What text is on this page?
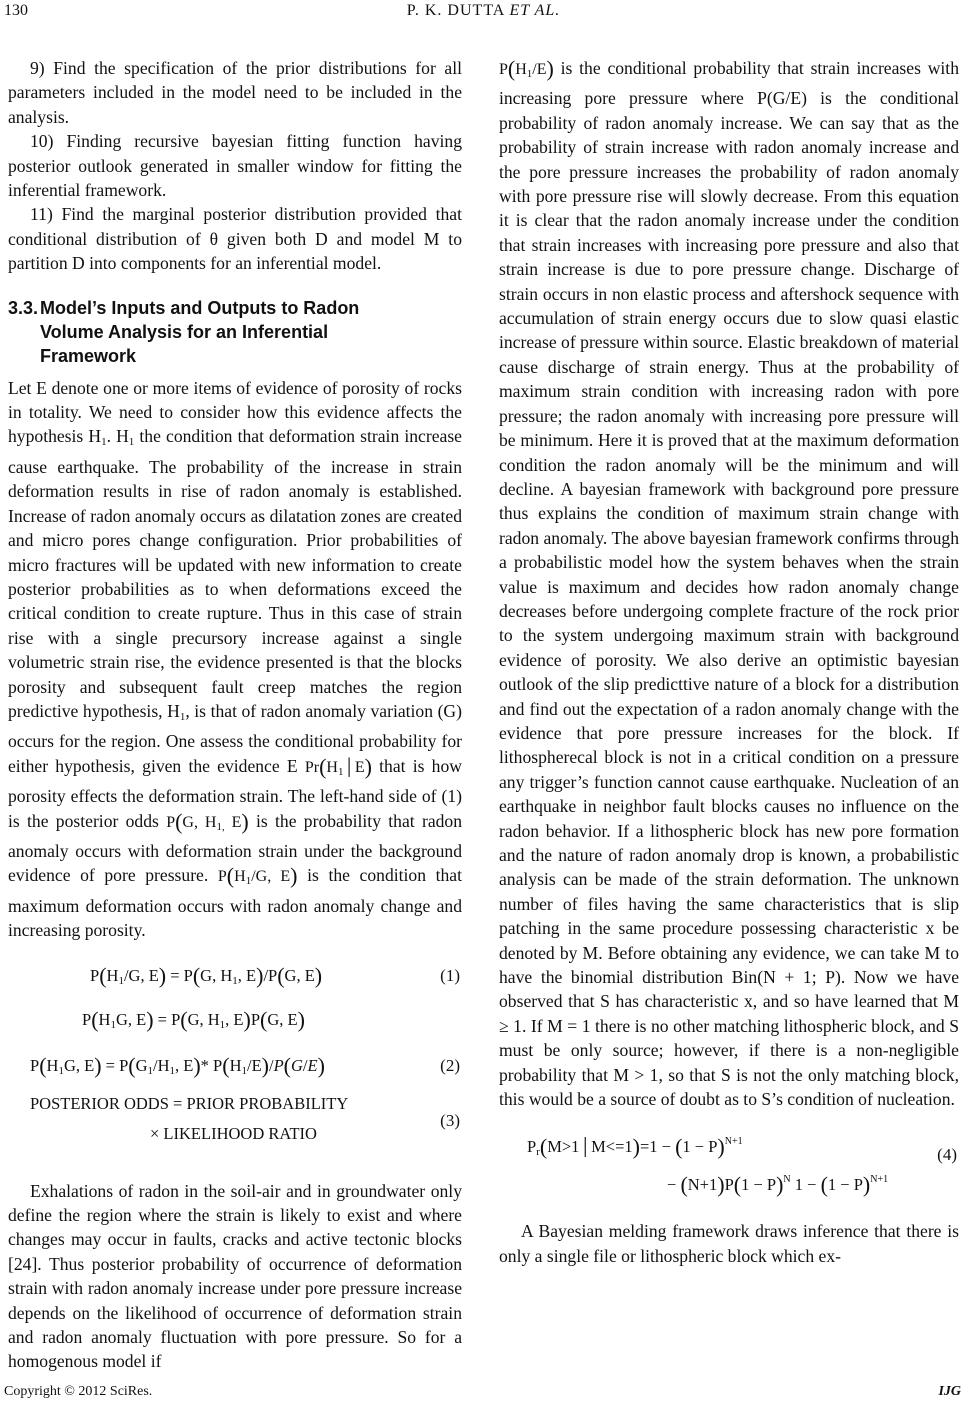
130	P. K. DUTTA ET AL.

9) Find the specification of the prior distributions for all parameters included in the model need to be included in the analysis.

10) Finding recursive bayesian fitting function having posterior outlook generated in smaller window for fitting the inferential framework.

11) Find the marginal posterior distribution provided that conditional distribution of θ given both D and model M to partition D into components for an inferential model.

3.3. Model’s Inputs and Outputs to Radon
Volume Analysis for an Inferential
Framework

Let E denote one or more items of evidence of porosity of rocks in totality. We need to consider how this evidence affects the hypothesis $H_1$. $H_1$ the condition that deformation strain increase cause earthquake. The probability of the increase in strain deformation results in rise of radon anomaly is established. Increase of radon anomaly occurs as dilatation zones are created and micro pores change configuration. Prior probabilities of micro fractures will be updated with new information to create posterior probabilities as to when deformations exceed the critical condition to create rupture. Thus in this case of strain rise with a single precursory increase against a single volumetric strain rise, the evidence presented is that the blocks porosity and subsequent fault creep matches the region predictive hypothesis, $H_1$, is that of radon anomaly variation (G) occurs for the region. One assess the conditional probability for either hypothesis, given the evidence E $Pr(H_1│E)$ that is how porosity effects the deformation strain. The left-hand side of (1) is the posterior odds P(G, $H_{1,}$ E) is the probability that radon anomaly occurs with deformation strain under the background evidence of pore pressure. $P(H_1/G$, E) is the condition that maximum deformation occurs with radon anomaly change and increasing porosity.

$P(H_1/G$, E) = P(G, $H_1$, E)/P(G, E)	(1)
$P(H_1G$, E) = P(G, $H_1$, E)P(G, E)
$P(H_1G$, $E) = P(G_1/H_1$, E)* $P(H_1/E)/P(G/E)$	(2)
POSTERIOR ODDS = PRIOR PROBABILITY
× LIKELIHOOD RATIO
(3)

Exhalations of radon in the soil-air and in groundwater only define the region where the strain is likely to exist and where changes may occur in faults, cracks and active tectonic blocks [24]. Thus posterior probability of occurrence of deformation strain with radon anomaly increase under pore pressure increase depends on the likelihood of occurrence of deformation strain and radon anomaly fluctuation with pore pressure. So for a homogenous model if

$P(H_1/E)$ is the conditional probability that strain increases with increasing pore pressure where P(G/E) is the conditional probability of radon anomaly increase. We can say that as the probability of strain increase with radon anomaly increase and the pore pressure increases the probability of radon anomaly with pore pressure rise will slowly decrease. From this equation it is clear that the radon anomaly increase under the condition that strain increases with increasing pore pressure and also that strain increase is due to pore pressure change. Discharge of strain occurs in non elastic process and aftershock sequence with accumulation of strain energy occurs due to slow quasi elastic increase of pressure within source. Elastic breakdown of material cause discharge of strain energy. Thus at the probability of maximum strain condition with increasing radon with pore pressure; the radon anomaly with increasing pore pressure will be minimum. Here it is proved that at the maximum deformation condition the radon anomaly will be the minimum and will decline. A bayesian framework with background pore pressure thus explains the condition of maximum strain change with radon anomaly. The above bayesian framework confirms through a probabilistic model how the system behaves when the strain value is maximum and decides how radon anomaly change decreases before undergoing complete fracture of the rock prior to the system undergoing maximum strain with background evidence of porosity. We also derive an optimistic bayesian outlook of the slip predicttive nature of a block for a distribution and find out the expectation of a radon anomaly change with the evidence that pore pressure increases for the block. If lithospherecal block is not in a critical condition on a pressure any trigger’s function cannot cause earthquake. Nucleation of an earthquake in neighbor fault blocks causes no influence on the radon behavior. If a lithospheric block has new pore formation and the nature of radon anomaly drop is known, a probabilistic analysis can be made of the strain deformation. The unknown number of files having the same characteristics that is slip patching in the same procedure possessing characteristic x be denoted by M. Before obtaining any evidence, we can take M to have the binomial distribution Bin(N + 1; P). Now we have observed that S has characteristic x, and so have learned that M ≥ 1. If M = 1 there is no other matching lithospheric block, and S must be only source; however, if there is a non-negligible probability that M > 1, so that S is not the only matching block, this would be a source of doubt as to S’s condition of nucleation.

$P_r(M>1│M<=1)=1 - (1 - P)^{N+1}$
− $(N+1)P(1 - P)^N$ $1 - (1 - P)^{N+1}$
(4)

A Bayesian melding framework draws inference that there is only a single file or lithospheric block which ex-

Copyright © 2012 SciRes.	IJG
